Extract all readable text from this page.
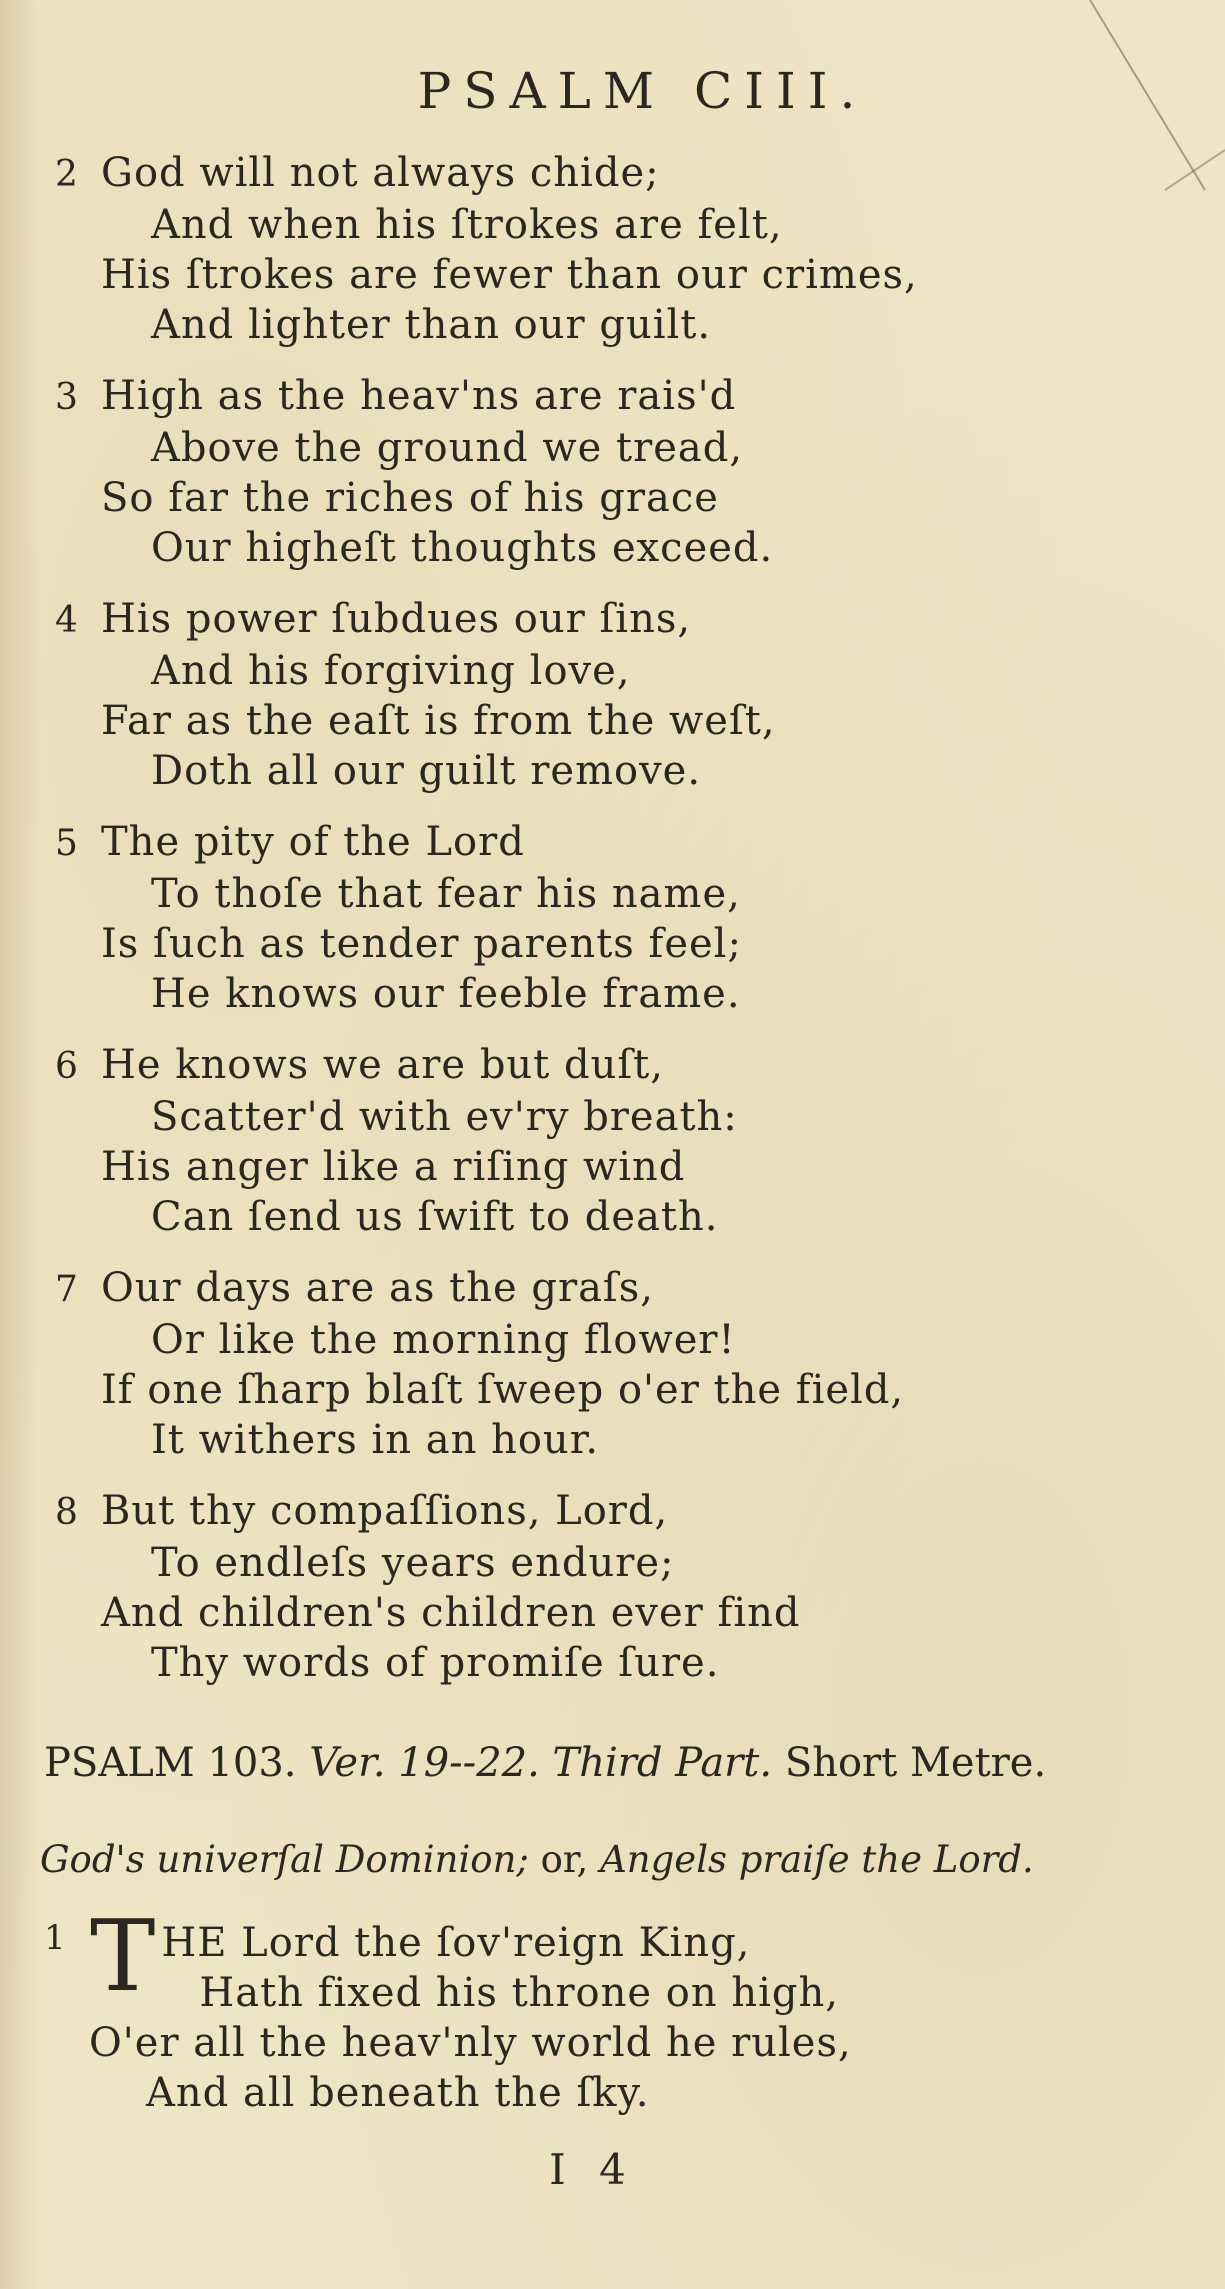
PSALM CIII.
2 God will not always chide;
And when his ſtrokes are felt,
His ſtrokes are fewer than our crimes,
And lighter than our guilt.
3 High as the heav'ns are rais'd
Above the ground we tread,
So far the riches of his grace
Our higheſt thoughts exceed.
4 His power ſubdues our ſins,
And his forgiving love,
Far as the eaſt is from the weſt,
Doth all our guilt remove.
5 The pity of the Lord
To thoſe that fear his name,
Is ſuch as tender parents feel;
He knows our feeble frame.
6 He knows we are but duſt,
Scatter'd with ev'ry breath:
His anger like a riſing wind
Can ſend us ſwift to death.
7 Our days are as the graſs,
Or like the morning flower!
If one ſharp blaſt ſweep o'er the field,
It withers in an hour.
8 But thy compaſſions, Lord,
To endleſs years endure;
And children's children ever find
Thy words of promiſe ſure.
PSALM 103. Ver. 19--22. Third Part. Short Metre.
God's univerſal Dominion; or, Angels praiſe the Lord.
1 T HE Lord the ſov'reign King,
Hath fixed his throne on high,
O'er all the heav'nly world he rules,
And all beneath the ſky.
I 4
